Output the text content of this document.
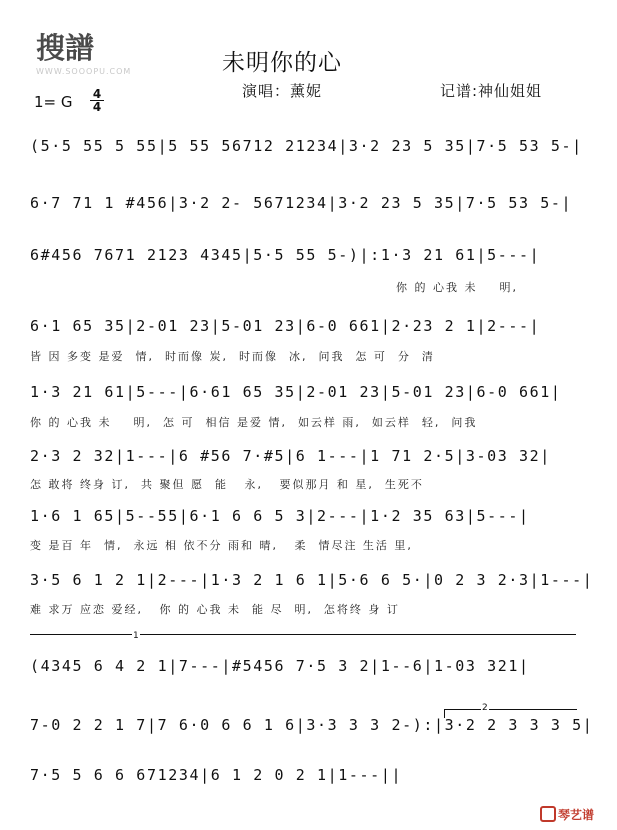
搜譜
WWW.SOOOPU.COM	未明你的心
演唱：薰妮	记谱:神仙姐姐
1= G 4
4
(5·5 55 5 55|5 55 56712 21234|3·2 23 5 35|7·5 53 5-|
6·7 71 1 #456|3·2 2- 5671234|3·2 23 5 35|7·5 53 5-|
6#456 7671 2123 4345|5·5 55 5-)|:1·3 21 61|5---|
你 的 心我 未    明,
6·1 65 35|2-01 23|5-01 23|6-0 661|2·23 2 1|2---|
皆 因 多变 是爱  情,  时而像 炭,  时而像  冰,  问我  怎 可  分  清
1·3 21 61|5---|6·61 65 35|2-01 23|5-01 23|6-0 661|
你 的 心我 未    明,  怎 可  相信 是爱 情,  如云样 雨,  如云样  轻,  问我
2·3 2 32|1---|6 #56 7·#5|6 1---|1 71 2·5|3-03 32|
怎 敢将 终身 订,  共 聚但 愿  能   永,   要似那月 和 星,  生死不
1·6 1 65|5--55|6·1 6 6 5 3|2---|1·2 35 63|5---|
变 是百 年  情,  永远 相 依不分 雨和 晴,   柔  情尽注 生活 里,
3·5 6 1 2 1|2---|1·3 2 1 6 1|5·6 6 5·|0 2 3 2·3|1---|
难 求万 应恋 爱经,   你 的 心我 未  能 尽  明,  怎将终 身 订
1
(4345 6 4 2 1|7---|#5456 7·5 3 2|1--6|1-03 321|
2
7-0 2 2 1 7|7 6·0 6 6 1 6|3·3 3 3 2-):|3·2 2 3 3 3 5|
7·5 5 6 6 671234|6 1 2 0 2 1|1---||
琴艺谱
